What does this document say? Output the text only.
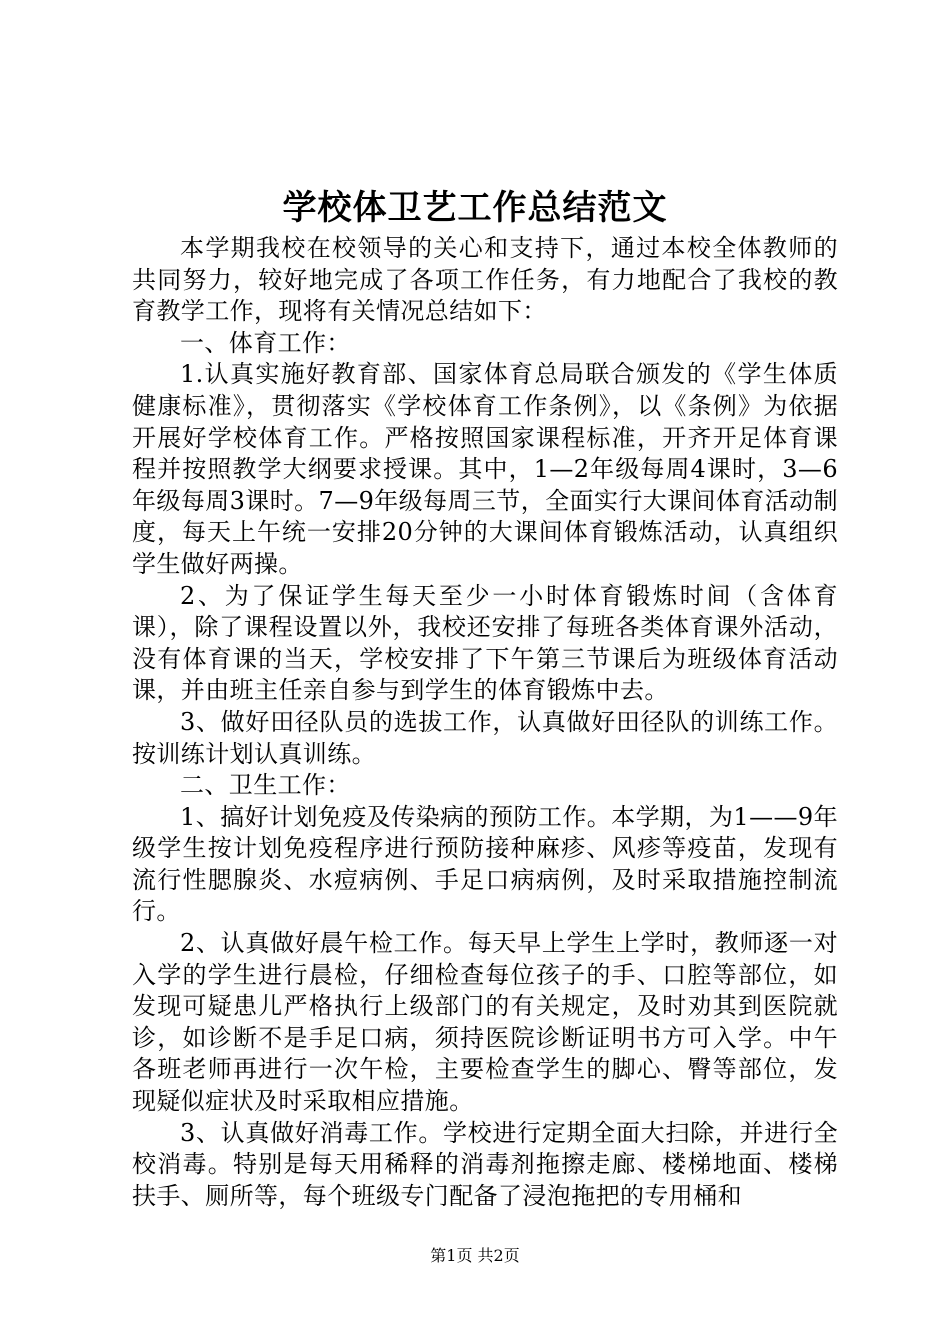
学校体卫艺工作总结范文

本学期我校在校领导的关心和支持下，通过本校全体教师的共同努力，较好地完成了各项工作任务，有力地配合了我校的教育教学工作，现将有关情况总结如下：

一、体育工作：

1.认真实施好教育部、国家体育总局联合颁发的《学生体质健康标准》，贯彻落实《学校体育工作条例》，以《条例》为依据开展好学校体育工作。严格按照国家课程标准，开齐开足体育课程并按照教学大纲要求授课。其中，1—2年级每周4课时，3—6年级每周3课时。7—9年级每周三节，全面实行大课间体育活动制度，每天上午统一安排20分钟的大课间体育锻炼活动，认真组织学生做好两操。

2、为了保证学生每天至少一小时体育锻炼时间（含体育课），除了课程设置以外，我校还安排了每班各类体育课外活动，没有体育课的当天，学校安排了下午第三节课后为班级体育活动课，并由班主任亲自参与到学生的体育锻炼中去。

3、做好田径队员的选拔工作，认真做好田径队的训练工作。按训练计划认真训练。

二、卫生工作：

1、搞好计划免疫及传染病的预防工作。本学期，为1——9年级学生按计划免疫程序进行预防接种麻疹、风疹等疫苗，发现有流行性腮腺炎、水痘病例、手足口病病例，及时采取措施控制流行。

2、认真做好晨午检工作。每天早上学生上学时，教师逐一对入学的学生进行晨检，仔细检查每位孩子的手、口腔等部位，如发现可疑患儿严格执行上级部门的有关规定，及时劝其到医院就诊，如诊断不是手足口病，须持医院诊断证明书方可入学。中午各班老师再进行一次午检，主要检查学生的脚心、臀等部位，发现疑似症状及时采取相应措施。

3、认真做好消毒工作。学校进行定期全面大扫除，并进行全校消毒。特别是每天用稀释的消毒剂拖擦走廊、楼梯地面、楼梯扶手、厕所等，每个班级专门配备了浸泡拖把的专用桶和

第1页 共2页
